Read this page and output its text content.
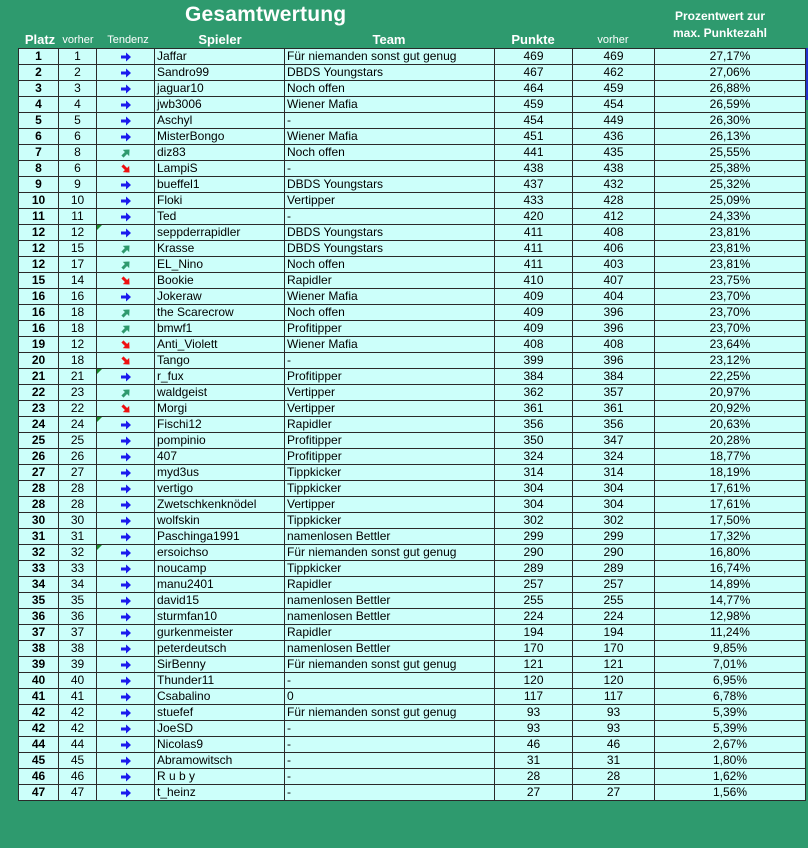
Gesamtwertung	Prozentwert zur
max. Punktezahl
Platz vorher	Tendenz	Spieler	Team	Punkte	vorher
1	1		Jaffar	Für niemanden sonst gut genug	469	469	27,17%
2	2		Sandro99	DBDS Youngstars	467	462	27,06%
3	3		jaguar10	Noch offen	464	459	26,88%
4	4		jwb3006	Wiener Mafia	459	454	26,59%
5	5		Aschyl	-	454	449	26,30%
6	6		MisterBongo	Wiener Mafia	451	436	26,13%
7	8		diz83	Noch offen	441	435	25,55%
8	6		LampiS	-	438	438	25,38%
9	9		bueffel1	DBDS Youngstars	437	432	25,32%
10	10		Floki	Vertipper	433	428	25,09%
11	11		Ted	-	420	412	24,33%
12	12		seppderrapidler	DBDS Youngstars	411	408	23,81%
12	15		Krasse	DBDS Youngstars	411	406	23,81%
12	17		EL_Nino	Noch offen	411	403	23,81%
15	14		Bookie	Rapidler	410	407	23,75%
16	16		Jokeraw	Wiener Mafia	409	404	23,70%
16	18		the Scarecrow	Noch offen	409	396	23,70%
16	18		bmwf1	Profitipper	409	396	23,70%
19	12		Anti_Violett	Wiener Mafia	408	408	23,64%
20	18		Tango	-	399	396	23,12%
21	21		r_fux	Profitipper	384	384	22,25%
22	23		waldgeist	Vertipper	362	357	20,97%
23	22		Morgi	Vertipper	361	361	20,92%
24	24		Fischi12	Rapidler	356	356	20,63%
25	25		pompinio	Profitipper	350	347	20,28%
26	26		407	Profitipper	324	324	18,77%
27	27		myd3us	Tippkicker	314	314	18,19%
28	28		vertigo	Tippkicker	304	304	17,61%
28	28		Zwetschkenknödel	Vertipper	304	304	17,61%
30	30		wolfskin	Tippkicker	302	302	17,50%
31	31		Paschinga1991	namenlosen Bettler	299	299	17,32%
32	32		ersoichso	Für niemanden sonst gut genug	290	290	16,80%
33	33		noucamp	Tippkicker	289	289	16,74%
34	34		manu2401	Rapidler	257	257	14,89%
35	35		david15	namenlosen Bettler	255	255	14,77%
36	36		sturmfan10	namenlosen Bettler	224	224	12,98%
37	37		gurkenmeister	Rapidler	194	194	11,24%
38	38		peterdeutsch	namenlosen Bettler	170	170	9,85%
39	39		SirBenny	Für niemanden sonst gut genug	121	121	7,01%
40	40		Thunder11	-	120	120	6,95%
41	41		Csabalino	0	117	117	6,78%
42	42		stuefef	Für niemanden sonst gut genug	93	93	5,39%
42	42		JoeSD	-	93	93	5,39%
44	44		Nicolas9	-	46	46	2,67%
45	45		Abramowitsch	-	31	31	1,80%
46	46		R u b y	-	28	28	1,62%
47	47		t_heinz	-	27	27	1,56%
